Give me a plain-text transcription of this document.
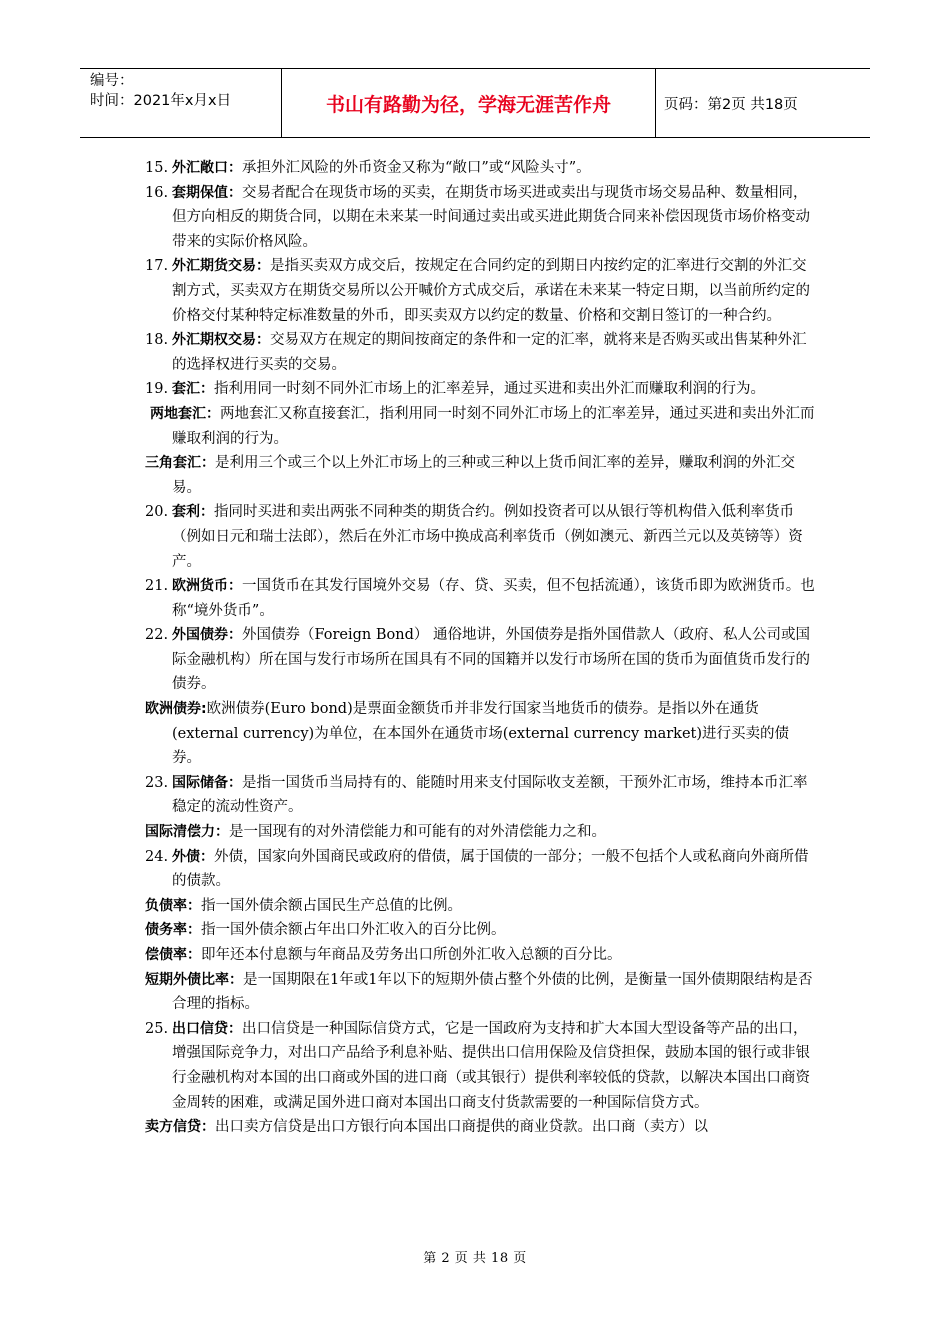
编号：
时间：2021年x月x日	书山有路勤为径，学海无涯苦作舟	页码：第2页 共18页
15. 外汇敞口：承担外汇风险的外币资金又称为“敞口”或“风险头寸”。
16. 套期保值：交易者配合在现货市场的买卖，在期货市场买进或卖出与现货市场交易品种、数量相同，但方向相反的期货合同，以期在未来某一时间通过卖出或买进此期货合同来补偿因现货市场价格变动带来的实际价格风险。
17. 外汇期货交易：是指买卖双方成交后，按规定在合同约定的到期日内按约定的汇率进行交割的外汇交割方式，买卖双方在期货交易所以公开喊价方式成交后，承诺在未来某一特定日期，以当前所约定的价格交付某种特定标准数量的外币，即买卖双方以约定的数量、价格和交割日签订的一种合约。
18. 外汇期权交易：交易双方在规定的期间按商定的条件和一定的汇率，就将来是否购买或出售某种外汇的选择权进行买卖的交易。
19. 套汇：指利用同一时刻不同外汇市场上的汇率差异，通过买进和卖出外汇而赚取利润的行为。
两地套汇：两地套汇又称直接套汇，指利用同一时刻不同外汇市场上的汇率差异，通过买进和卖出外汇而赚取利润的行为。
三角套汇：是利用三个或三个以上外汇市场上的三种或三种以上货币间汇率的差异，赚取利润的外汇交易。
20. 套利：指同时买进和卖出两张不同种类的期货合约。例如投资者可以从银行等机构借入低利率货币（例如日元和瑞士法郎），然后在外汇市场中换成高利率货币（例如澳元、新西兰元以及英镑等）资产。
21. 欧洲货币：一国货币在其发行国境外交易（存、贷、买卖，但不包括流通），该货币即为欧洲货币。也称“境外货币”。
22. 外国债券：外国债券（Foreign Bond） 通俗地讲，外国债券是指外国借款人（政府、私人公司或国际金融机构）所在国与发行市场所在国具有不同的国籍并以发行市场所在国的货币为面值货币发行的债券。
欧洲债券:欧洲债券(Euro bond)是票面金额货币并非发行国家当地货币的债券。是指以外在通货(external currency)为单位，在本国外在通货市场(external currency market)进行买卖的债券。
23. 国际储备：是指一国货币当局持有的、能随时用来支付国际收支差额，干预外汇市场，维持本币汇率稳定的流动性资产。
国际清偿力：是一国现有的对外清偿能力和可能有的对外清偿能力之和。
24. 外债：外债，国家向外国商民或政府的借债，属于国债的一部分；一般不包括个人或私商向外商所借的债款。
负债率：指一国外债余额占国民生产总值的比例。
债务率：指一国外债余额占年出口外汇收入的百分比例。
偿债率：即年还本付息额与年商品及劳务出口所创外汇收入总额的百分比。
短期外债比率：是一国期限在1年或1年以下的短期外债占整个外债的比例，是衡量一国外债期限结构是否合理的指标。
25. 出口信贷：出口信贷是一种国际信贷方式，它是一国政府为支持和扩大本国大型设备等产品的出口，增强国际竞争力，对出口产品给予利息补贴、提供出口信用保险及信贷担保，鼓励本国的银行或非银行金融机构对本国的出口商或外国的进口商（或其银行）提供利率较低的贷款，以解决本国出口商资金周转的困难，或满足国外进口商对本国出口商支付货款需要的一种国际信贷方式。
卖方信贷：出口卖方信贷是出口方银行向本国出口商提供的商业贷款。出口商（卖方）以
第 2 页 共 18 页
